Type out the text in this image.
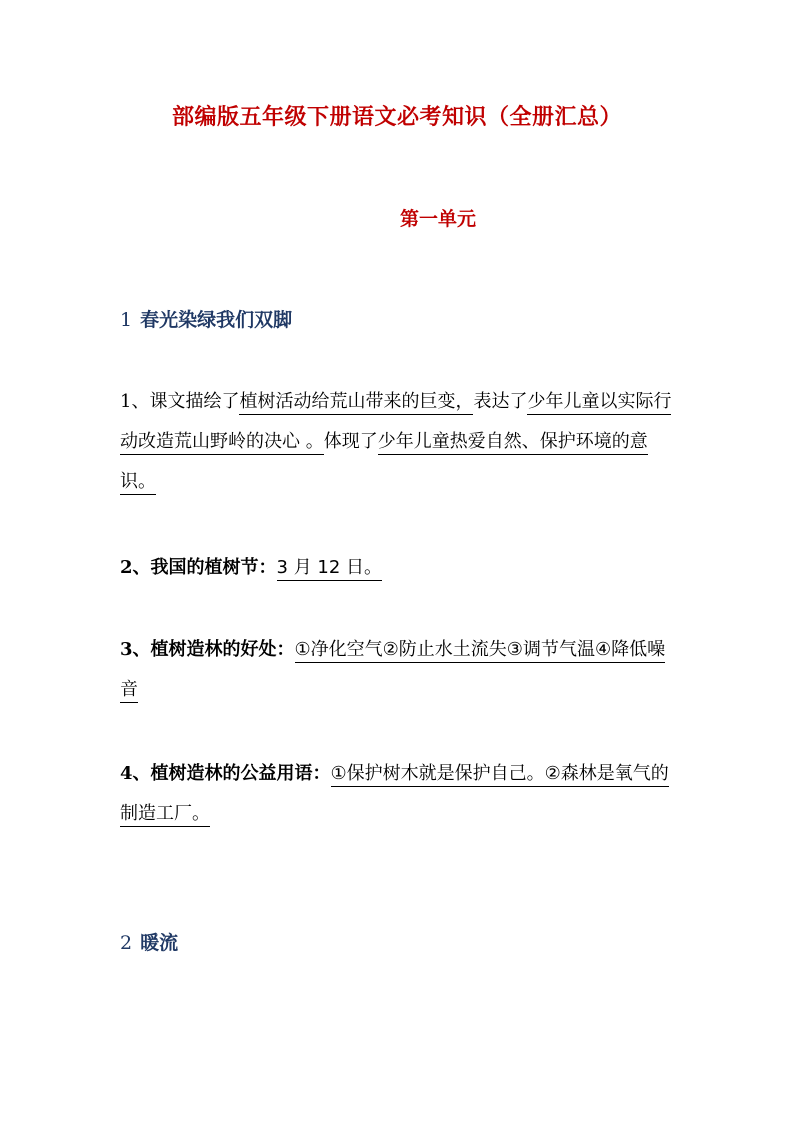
部编版五年级下册语文必考知识（全册汇总）
第一单元
1 春光染绿我们双脚
1、课文描绘了植树活动给荒山带来的巨变，表达了少年儿童以实际行动改造荒山野岭的决心 。体现了少年儿童热爱自然、保护环境的意识。
2、我国的植树节：3 月 12 日。
3、植树造林的好处：①净化空气②防止水土流失③调节气温④降低噪音
4、植树造林的公益用语：①保护树木就是保护自己。②森林是氧气的制造工厂。
2 暖流
